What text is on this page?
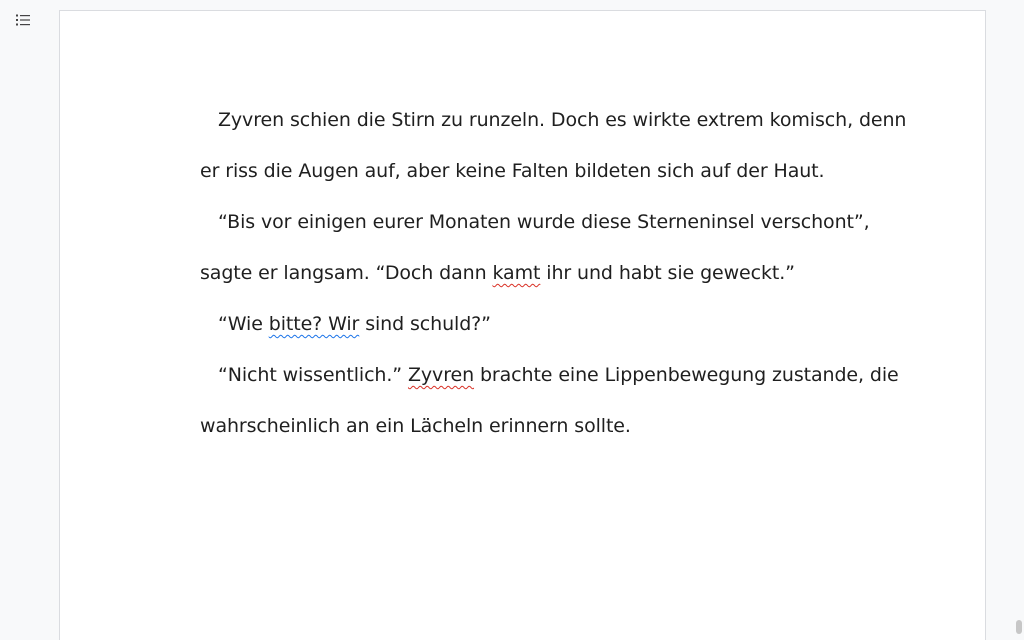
Zyvren schien die Stirn zu runzeln. Doch es wirkte extrem komisch, denn
er riss die Augen auf, aber keine Falten bildeten sich auf der Haut.
“Bis vor einigen eurer Monaten wurde diese Sterneninsel verschont”,
sagte er langsam. “Doch dann kamt ihr und habt sie geweckt.”
“Wie bitte? Wir sind schuld?”
“Nicht wissentlich.” Zyvren brachte eine Lippenbewegung zustande, die
wahrscheinlich an ein Lächeln erinnern sollte.
